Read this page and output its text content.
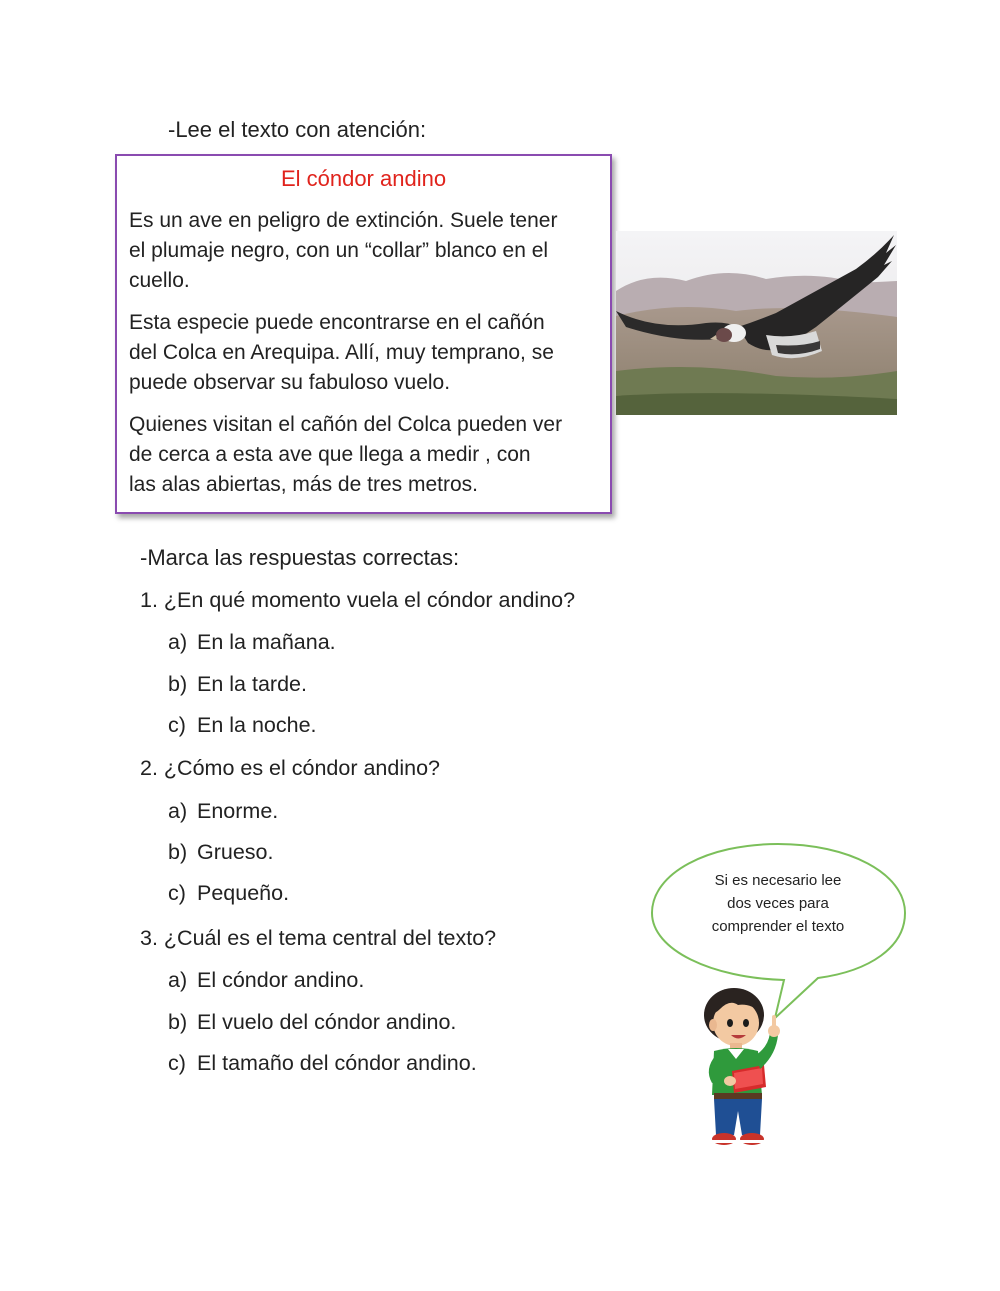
-Lee el texto con atención:
El cóndor andino
Es un ave en peligro de extinción. Suele tener
el plumaje negro, con un “collar” blanco en el
cuello.
Esta especie puede encontrarse en el cañón
del Colca en Arequipa. Allí, muy temprano, se
puede observar su fabuloso vuelo.
Quienes visitan el cañón del Colca pueden ver
de cerca a esta ave que llega a medir , con
las alas abiertas, más de tres metros.
-Marca las respuestas correctas:
1. ¿En qué momento vuela el cóndor andino?
a) En la mañana.
b) En la tarde.
c) En la noche.
2. ¿Cómo es el cóndor andino?
a) Enorme.
b) Grueso.
c) Pequeño.
3. ¿Cuál es el tema central del texto?
a) El cóndor andino.
b) El vuelo del cóndor andino.
c) El tamaño del cóndor andino.
Si es necesario lee
dos veces para
comprender el texto
